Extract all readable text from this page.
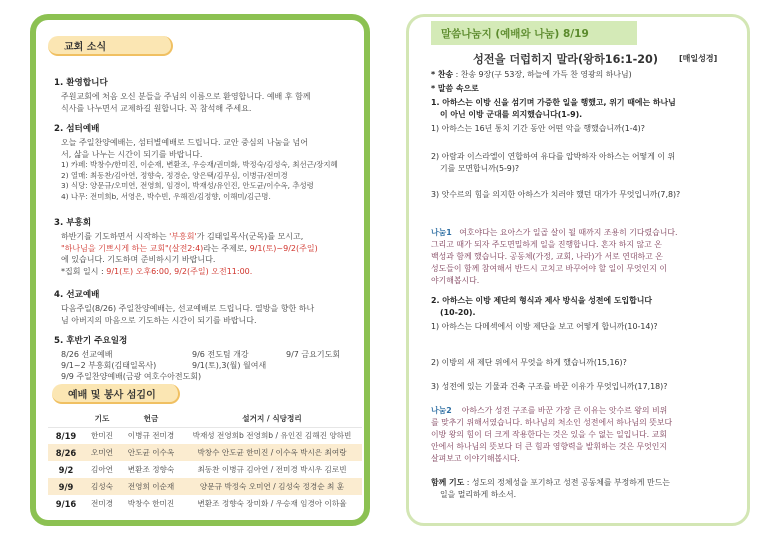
교회 소식
1. 환영합니다

주원교회에 처음 오신 분들을 주님의 이름으로 환영합니다. 예배 후 함께

식사를 나누면서 교제하길 원합니다. 꼭 참석해 주세요.

2. 섬터예배

오늘 주일찬양예배는, 섬터별예배로 드립니다. 교안 중심의 나눔을 넘어

서, 삶을 나누는 시간이 되기를 바랍니다.

1) 카페: 박창수/한미진, 이순재, 변환조, 우승재/권미화, 박정숙/김성숙, 최선근/장지혜
2) 열매: 최동찬/김아연, 정향숙, 정경순, 양은택/김무심, 이병규/전미경
3) 식당: 양문규/오미연, 전영희, 임경이, 박재성/유인진, 안도균/이수옥, 추성령
4) 나무: 전미희b, 서영은, 박수빈, 우해진/김정향, 이해미/김근명.
3. 부흥회

하반기를 기도하면서 시작하는 '부흥회'가 김태일목사(군목)를 모시고,

"하나님을 기쁘시게 하는 교회"(살전2:4)라는 주제로, 9/1(토)~9/2(주일)

에 있습니다. 기도하며 준비하시기 바랍니다.

*집회 일시 : 9/1(토) 오후6:00, 9/2(주일) 오전11:00.

4. 선교예배

다음주일(8/26) 주일찬양예배는, 선교예배로 드립니다. 열방을 향한 하나

님 아버지의 마음으로 기도하는 시간이 되기를 바랍니다.

5. 후반기 주요일정
8/26 선교예배	9/6 전도팀 개강	9/7 금요기도회
9/1~2 부흥회(김태일목사)	9/1(토),3(월) 월여새
9/9 주일찬양예배(금광 여호수아전도회)
예배 및 봉사 섬김이
	기도	헌금	설거지 / 식당정리
8/19	한미진	이병규 전미경	박재성 전영희b 전영희b / 유인진 김해진 양하빈
8/26	오미연	안도균 이수옥	박창수 안도균 한미진 / 이수옥 박시은 최여랑
9/2	김아연	변환조 정향숙	최동찬 이병규 김아연 / 전미경 박시우 김로빈
9/9	김성숙	전영희 이순재	양문규 박정숙 오미연 / 김성숙 정경순 최 훈
9/16	전미경	박창수 한미진	변환조 정향숙 장미화 / 우승재 임경아 이하율
말씀나눔지 (예배와 나눔) 8/19
성전을 더럽히지 말라(왕하16:1-20)	[매일성경]
* 찬송 : 찬송 9장(구 53장, 하늘에 가득 찬 영광의 하나님)
* 말씀 속으로
1. 아하스는 이방 신을 섬기며 가증한 일을 행했고, 위기 때에는 하나님
이 아닌 이방 군대를 의지했습니다(1-9).
1) 아하스는 16년 통치 기간 동안 어떤 악을 행했습니까(1-4)?
2) 아람과 이스라엘이 연합하여 유다를 압박하자 아하스는 어떻게 이 위
기를 모면합니까(5-9)?
3) 앗수르의 힘을 의지한 아하스가 치러야 했던 대가가 무엇입니까(7,8)?
나눔1 여호야다는 요아스가 일곱 살이 될 때까지 조용히 기다렸습니다.
그리고 때가 되자 주도면밀하게 일을 진행합니다. 혼자 하지 않고 온
백성과 함께 했습니다. 공동체(가정, 교회, 나라)가 서로 연대하고 온
성도들이 함께 참여해서 반드시 고치고 바꾸어야 할 일이 무엇인지 이
야기해봅시다.
2. 아하스는 이방 제단의 형식과 제사 방식을 성전에 도입합니다
(10-20).
1) 아하스는 다메섹에서 이방 제단을 보고 어떻게 합니까(10-14)?
2) 이방의 새 제단 위에서 무엇을 하게 했습니까(15,16)?
3) 성전에 있는 기물과 건축 구조를 바꾼 이유가 무엇입니까(17,18)?
나눔2 아하스가 성전 구조를 바꾼 가장 큰 이유는 앗수르 왕의 비위
를 맞추기 위해서였습니다. 하나님의 처소인 성전에서 하나님의 뜻보다
이방 왕의 힘이 더 크게 작용한다는 것은 있을 수 없는 일입니다. 교회
안에서 하나님의 뜻보다 더 큰 힘과 영향력을 발휘하는 것은 무엇인지
살펴보고 이야기해봅시다.
함께 기도 : 성도의 정체성을 포기하고 성전 공동체를 부정하게 만드는
일을 멀리하게 하소서.
